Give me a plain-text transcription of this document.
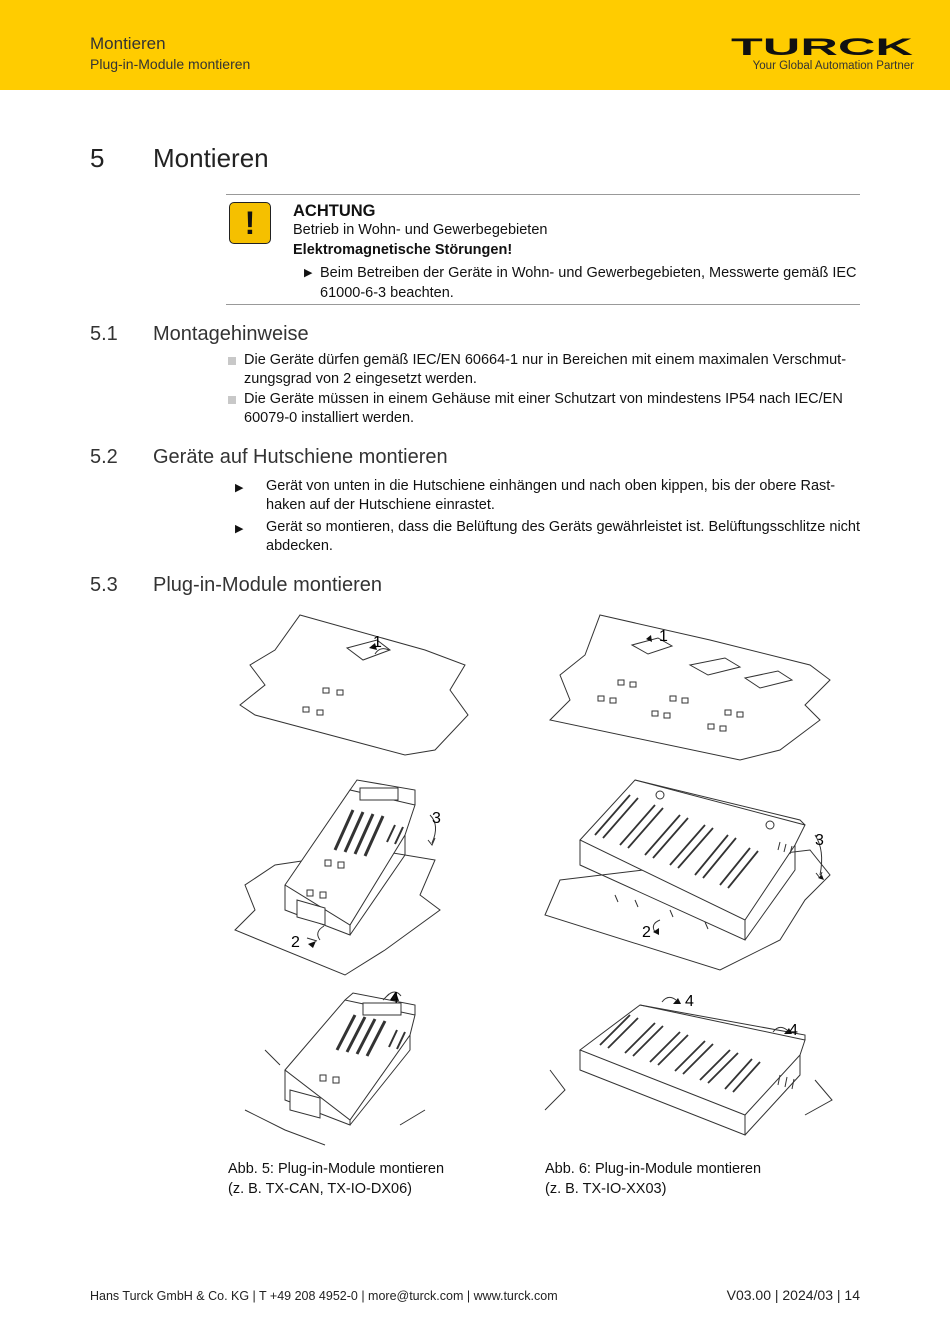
Montieren
Plug-in-Module montieren
TURCK
Your Global Automation Partner
5 Montieren
!	ACHTUNG
Betrieb in Wohn- und Gewerbegebieten
Elektromagnetische Störungen!
▶ Beim Betreiben der Geräte in Wohn- und Gewerbegebieten, Messwerte gemäß IEC 61000-6-3 beachten.
5.1 Montagehinweise
Die Geräte dürfen gemäß IEC/EN 60664-1 nur in Bereichen mit einem maximalen Verschmut-zungsgrad von 2 eingesetzt werden.
Die Geräte müssen in einem Gehäuse mit einer Schutzart von mindestens IP54 nach IEC/EN 60079-0 installiert werden.
5.2 Geräte auf Hutschiene montieren
▶ Gerät von unten in die Hutschiene einhängen und nach oben kippen, bis der obere Rast-haken auf der Hutschiene einrastet.
▶ Gerät so montieren, dass die Belüftung des Geräts gewährleistet ist. Belüftungsschlitze nicht abdecken.
5.3 Plug-in-Module montieren
1
2
3
4
1
2
3
4
4
Abb. 5: Plug-in-Module montieren
(z. B. TX-CAN, TX-IO-DX06)
Abb. 6: Plug-in-Module montieren
(z. B. TX-IO-XX03)
Hans Turck GmbH & Co. KG | T +49 208 4952-0 | more@turck.com | www.turck.com	V03.00 | 2024/03 | 14
